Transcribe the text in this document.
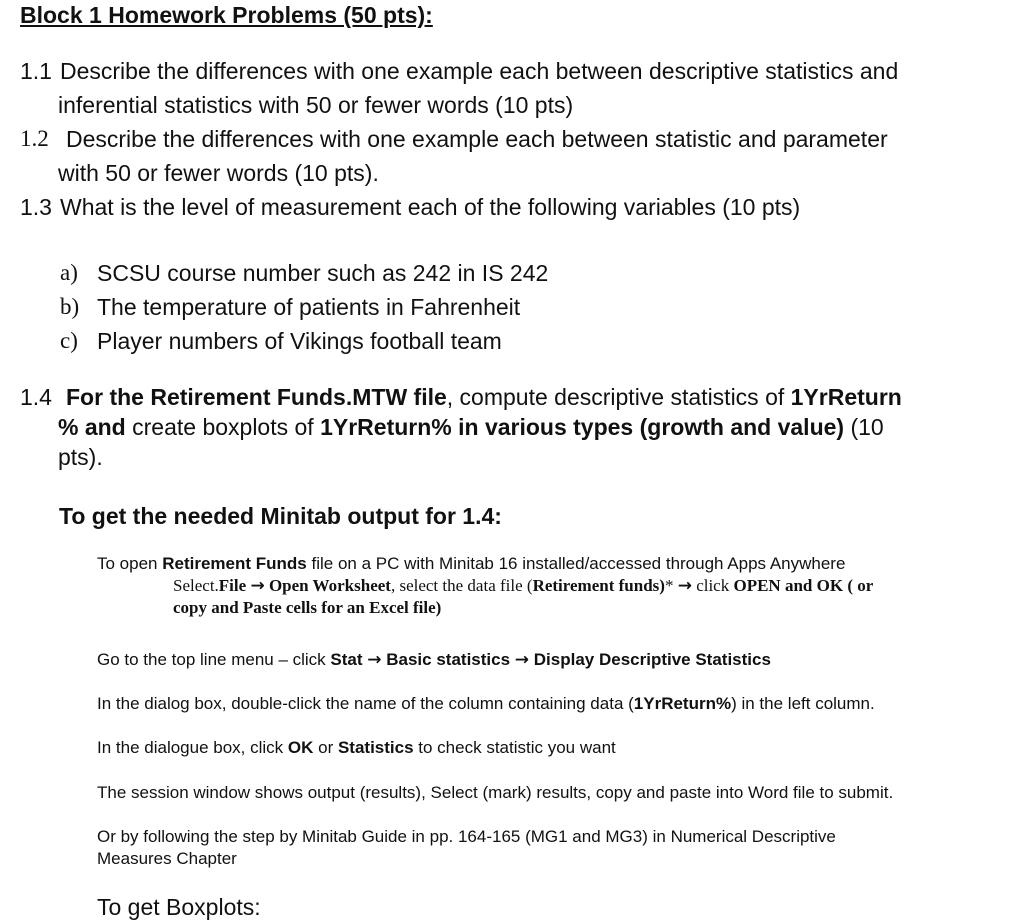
Block 1 Homework Problems (50 pts):
1.1 Describe the differences with one example each between descriptive statistics and
inferential statistics with 50 or fewer words (10 pts)
1.2 Describe the differences with one example each between statistic and parameter
with 50 or fewer words (10 pts).
1.3 What is the level of measurement each of the following variables (10 pts)
a) SCSU course number such as 242 in IS 242
b) The temperature of patients in Fahrenheit
c) Player numbers of Vikings football team
1.4 For the Retirement Funds.MTW file, compute descriptive statistics of 1YrReturn
% and create boxplots of 1YrReturn% in various types (growth and value) (10
pts).
To get the needed Minitab output for 1.4:
To open Retirement Funds file on a PC with Minitab 16 installed/accessed through Apps Anywhere
Select.File → Open Worksheet, select the data file (Retirement funds)* → click OPEN and OK ( or
copy and Paste cells for an Excel file)
Go to the top line menu – click Stat → Basic statistics → Display Descriptive Statistics
In the dialog box, double-click the name of the column containing data (1YrReturn%) in the left column.
In the dialogue box, click OK or Statistics to check statistic you want
The session window shows output (results), Select (mark) results, copy and paste into Word file to submit.
Or by following the step by Minitab Guide in pp. 164-165 (MG1 and MG3) in Numerical Descriptive
Measures Chapter
To get Boxplots:
